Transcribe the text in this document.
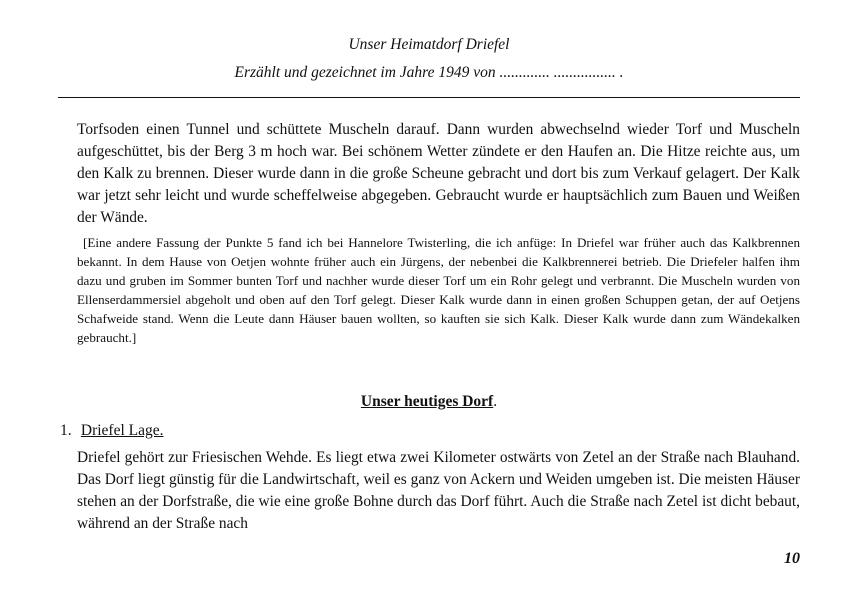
Unser Heimatdorf Driefel
Erzählt und gezeichnet im Jahre 1949 von ............. ................ .

Torfsoden einen Tunnel und schüttete Muscheln darauf. Dann wurden abwechselnd wieder Torf und Muscheln aufgeschüttet, bis der Berg 3 m hoch war. Bei schönem Wetter zündete er den Haufen an. Die Hitze reichte aus, um den Kalk zu brennen. Dieser wurde dann in die große Scheune gebracht und dort bis zum Verkauf gelagert. Der Kalk war jetzt sehr leicht und wurde scheffelweise abgegeben. Gebraucht wurde er hauptsächlich zum Bauen und Weißen der Wände.

[Eine andere Fassung der Punkte 5 fand ich bei Hannelore Twisterling, die ich anfüge: In Driefel war früher auch das Kalkbrennen bekannt. In dem Hause von Oetjen wohnte früher auch ein Jürgens, der nebenbei die Kalkbrennerei betrieb. Die Driefeler halfen ihm dazu und gruben im Sommer bunten Torf und nachher wurde dieser Torf um ein Rohr gelegt und verbrannt. Die Muscheln wurden von Ellenserdammersiel abgeholt und oben auf den Torf gelegt. Dieser Kalk wurde dann in einen großen Schuppen getan, der auf Oetjens Schafweide stand. Wenn die Leute dann Häuser bauen wollten, so kauften sie sich Kalk. Dieser Kalk wurde dann zum Wändekalken gebraucht.]

Unser heutiges Dorf.
1. Driefel Lage.

Driefel gehört zur Friesischen Wehde. Es liegt etwa zwei Kilometer ostwärts von Zetel an der Straße nach Blauhand. Das Dorf liegt günstig für die Landwirtschaft, weil es ganz von Ackern und Weiden umgeben ist. Die meisten Häuser stehen an der Dorfstraße, die wie eine große Bohne durch das Dorf führt. Auch die Straße nach Zetel ist dicht bebaut, während an der Straße nach

10
